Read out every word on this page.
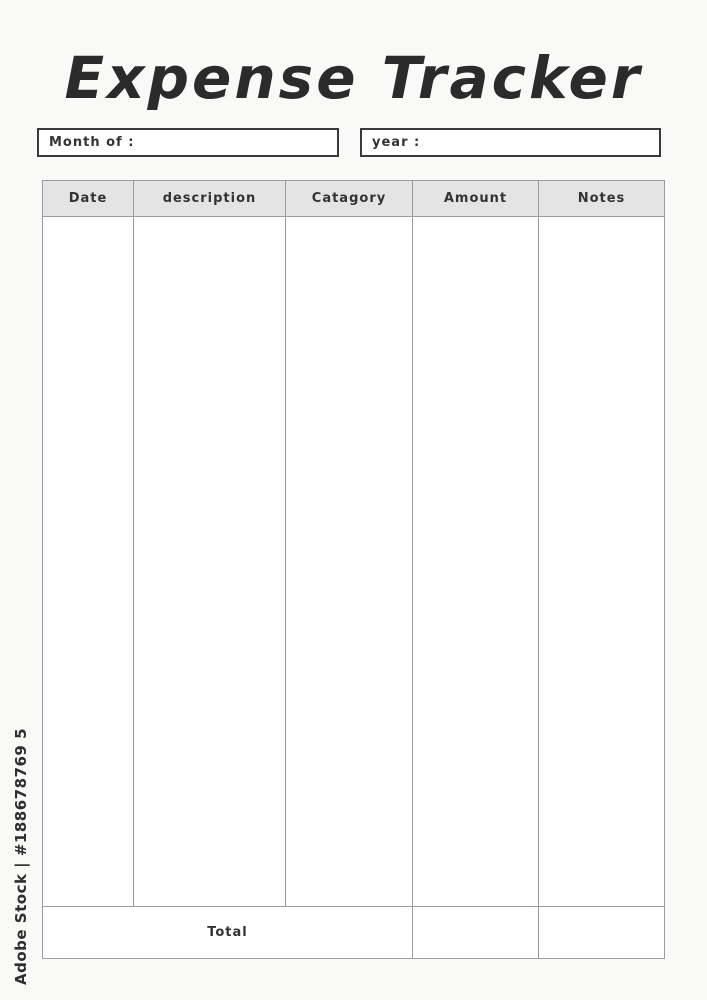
Expense Tracker
Month of :	year :
Date	description	Catagory	Amount	Notes

Total				
Adobe Stock | #188678769 5
